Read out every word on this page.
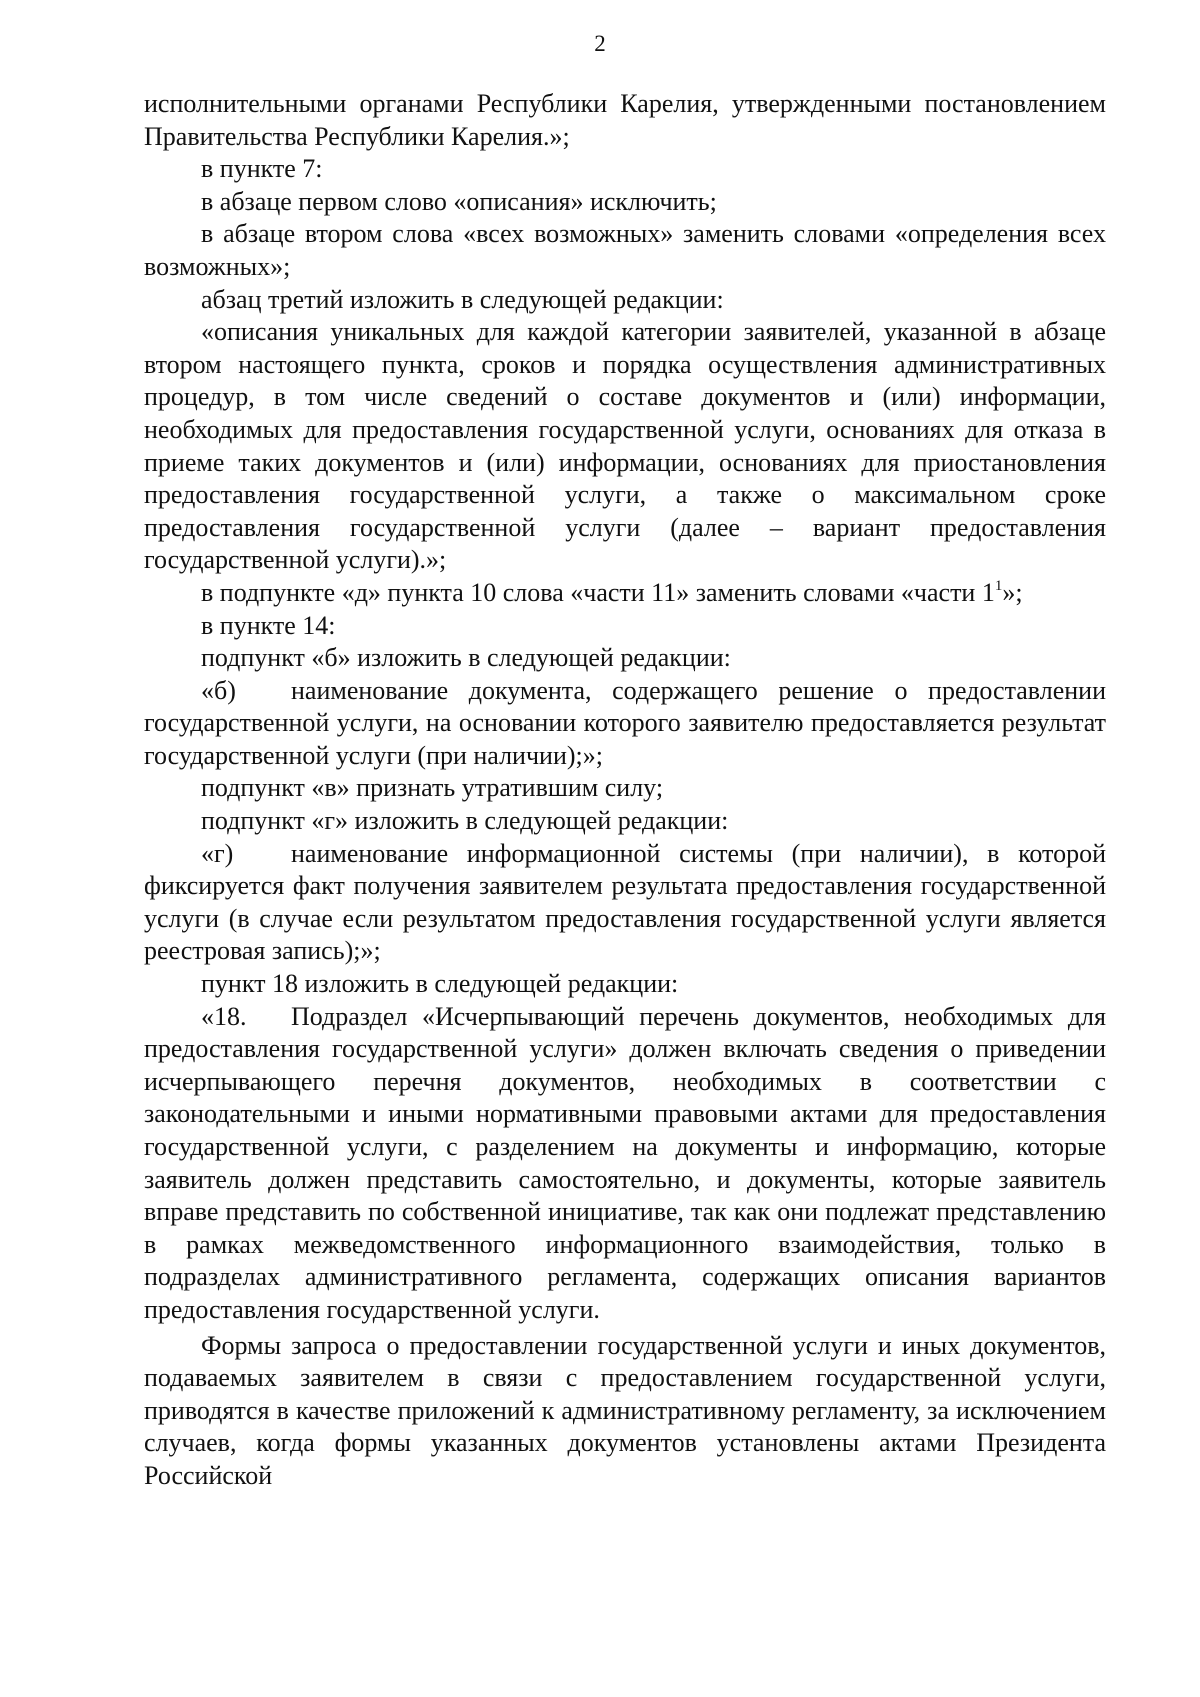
2

исполнительными органами Республики Карелия, утвержденными постановлением Правительства Республики Карелия.»;

в пункте 7:

в абзаце первом слово «описания» исключить;

в абзаце втором слова «всех возможных» заменить словами «определения всех возможных»;

абзац третий изложить в следующей редакции:

«описания уникальных для каждой категории заявителей, указанной в абзаце втором настоящего пункта, сроков и порядка осуществления административных процедур, в том числе сведений о составе документов и (или) информации, необходимых для предоставления государственной услуги, основаниях для отказа в приеме таких документов и (или) информации, основаниях для приостановления предоставления государственной услуги, а также о максимальном сроке предоставления государственной услуги (далее – вариант предоставления государственной услуги).»;

в подпункте «д» пункта 10 слова «части 11» заменить словами «части $1^1$»;

в пункте 14:

подпункт «б» изложить в следующей редакции:

«б) наименование документа, содержащего решение о предоставлении государственной услуги, на основании которого заявителю предоставляется результат государственной услуги (при наличии);»;

подпункт «в» признать утратившим силу;

подпункт «г» изложить в следующей редакции:

«г) наименование информационной системы (при наличии), в которой фиксируется факт получения заявителем результата предоставления государственной услуги (в случае если результатом предоставления государственной услуги является реестровая запись);»;

пункт 18 изложить в следующей редакции:

«18. Подраздел «Исчерпывающий перечень документов, необходимых для предоставления государственной услуги» должен включать сведения о приведении исчерпывающего перечня документов, необходимых в соответствии с законодательными и иными нормативными правовыми актами для предоставления государственной услуги, с разделением на документы и информацию, которые заявитель должен представить самостоятельно, и документы, которые заявитель вправе представить по собственной инициативе, так как они подлежат представлению в рамках межведомственного информационного взаимодействия, только в подразделах административного регламента, содержащих описания вариантов предоставления государственной услуги.

Формы запроса о предоставлении государственной услуги и иных документов, подаваемых заявителем в связи с предоставлением государственной услуги, приводятся в качестве приложений к административному регламенту, за исключением случаев, когда формы указанных документов установлены актами Президента Российской
